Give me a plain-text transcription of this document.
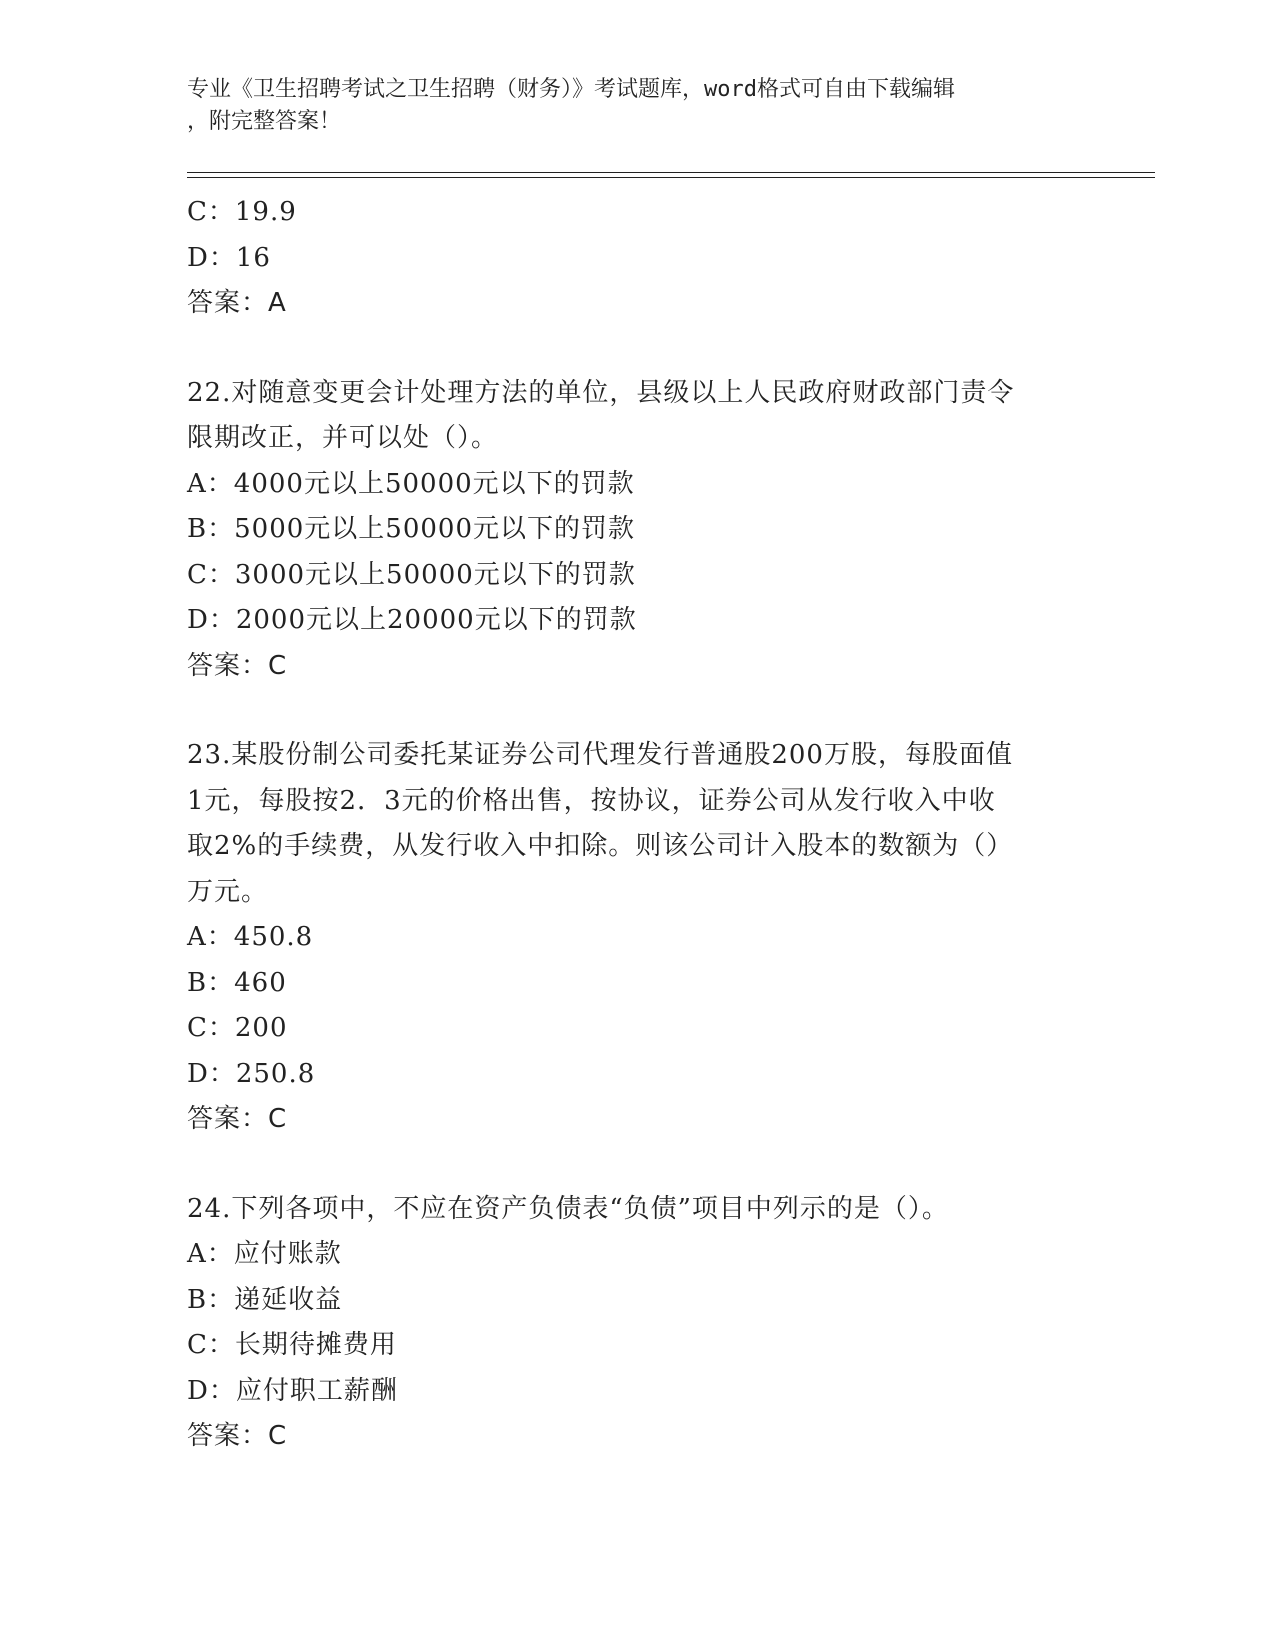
专业《卫生招聘考试之卫生招聘（财务）》考试题库，word格式可自由下载编辑
，附完整答案！
C：19.9
D：16
答案：A
22.对随意变更会计处理方法的单位，县级以上人民政府财政部门责令
限期改正，并可以处（）。
A：4000元以上50000元以下的罚款
B：5000元以上50000元以下的罚款
C：3000元以上50000元以下的罚款
D：2000元以上20000元以下的罚款
答案：C
23.某股份制公司委托某证券公司代理发行普通股200万股，每股面值
1元，每股按2．3元的价格出售，按协议，证券公司从发行收入中收
取2%的手续费，从发行收入中扣除。则该公司计入股本的数额为（）
万元。
A：450.8
B：460
C：200
D：250.8
答案：C
24.下列各项中，不应在资产负债表“负债”项目中列示的是（）。
A：应付账款
B：递延收益
C：长期待摊费用
D：应付职工薪酬
答案：C
